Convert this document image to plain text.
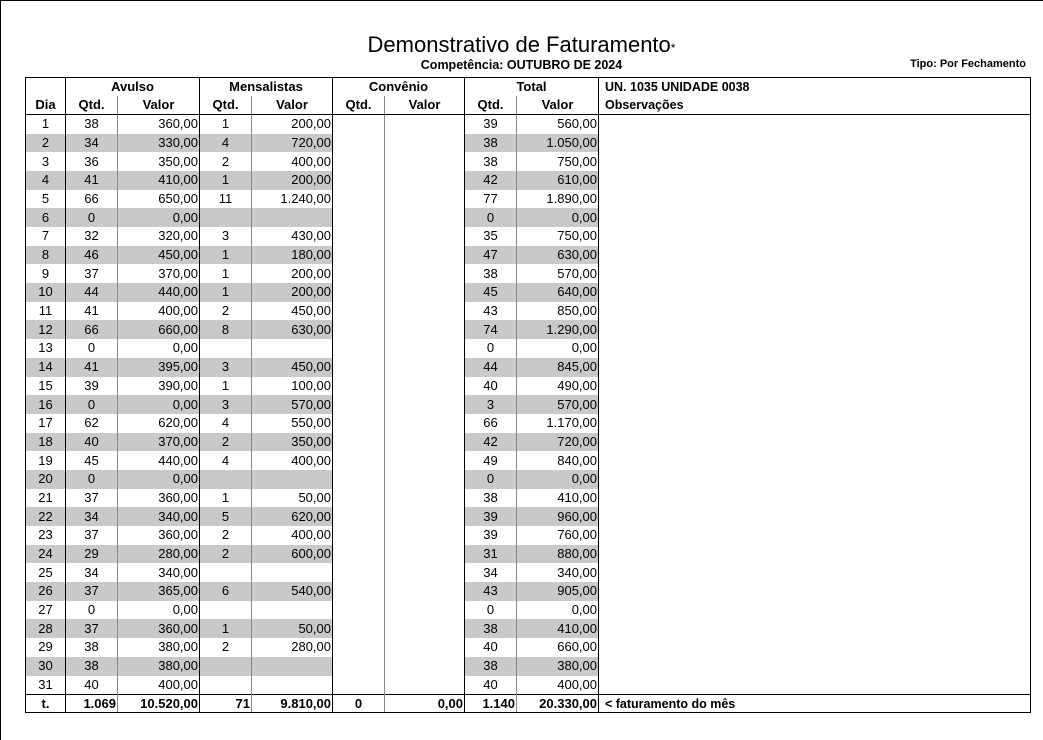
Demonstrativo de Faturamento*
Competência: OUTUBRO DE 2024	Tipo: Por Fechamento
	Avulso		Mensalistas		Convênio		Total		UN. 1035 UNIDADE 0038
Dia	Qtd.	Valor	Qtd.	Valor	Qtd.	Valor	Qtd.	Valor	Observações
1	38	360,00	1	200,00			39	560,00	
2	34	330,00	4	720,00			38	1.050,00	
3	36	350,00	2	400,00			38	750,00	
4	41	410,00	1	200,00			42	610,00	
5	66	650,00	11	1.240,00			77	1.890,00	
6	0	0,00					0	0,00	
7	32	320,00	3	430,00			35	750,00	
8	46	450,00	1	180,00			47	630,00	
9	37	370,00	1	200,00			38	570,00	
10	44	440,00	1	200,00			45	640,00	
11	41	400,00	2	450,00			43	850,00	
12	66	660,00	8	630,00			74	1.290,00	
13	0	0,00					0	0,00	
14	41	395,00	3	450,00			44	845,00	
15	39	390,00	1	100,00			40	490,00	
16	0	0,00	3	570,00			3	570,00	
17	62	620,00	4	550,00			66	1.170,00	
18	40	370,00	2	350,00			42	720,00	
19	45	440,00	4	400,00			49	840,00	
20	0	0,00					0	0,00	
21	37	360,00	1	50,00			38	410,00	
22	34	340,00	5	620,00			39	960,00	
23	37	360,00	2	400,00			39	760,00	
24	29	280,00	2	600,00			31	880,00	
25	34	340,00					34	340,00	
26	37	365,00	6	540,00			43	905,00	
27	0	0,00					0	0,00	
28	37	360,00	1	50,00			38	410,00	
29	38	380,00	2	280,00			40	660,00	
30	38	380,00					38	380,00	
31	40	400,00					40	400,00	
t.	1.069	10.520,00	71	9.810,00	0	0,00	1.140	20.330,00	< faturamento do mês
